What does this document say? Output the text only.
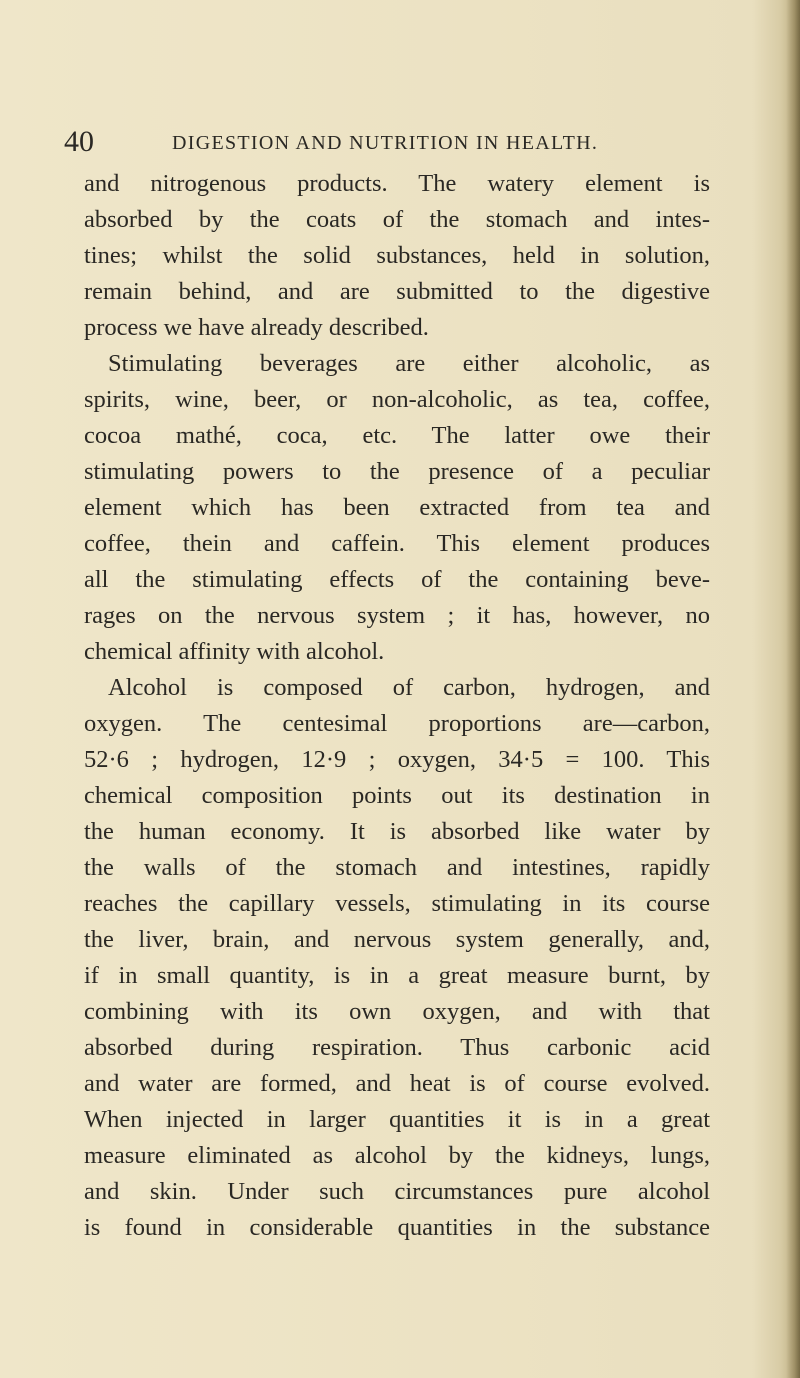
40	DIGESTION AND NUTRITION IN HEALTH.
and nitrogenous products. The watery element is
absorbed by the coats of the stomach and intes-
tines; whilst the solid substances, held in solution,
remain behind, and are submitted to the digestive
process we have already described.
Stimulating beverages are either alcoholic, as
spirits, wine, beer, or non-alcoholic, as tea, coffee,
cocoa mathé, coca, etc. The latter owe their
stimulating powers to the presence of a peculiar
element which has been extracted from tea and
coffee, thein and caffein. This element produces
all the stimulating effects of the containing beve-
rages on the nervous system ; it has, however, no
chemical affinity with alcohol.
Alcohol is composed of carbon, hydrogen, and
oxygen. The centesimal proportions are—carbon,
52·6 ; hydrogen, 12·9 ; oxygen, 34·5 = 100. This
chemical composition points out its destination in
the human economy. It is absorbed like water by
the walls of the stomach and intestines, rapidly
reaches the capillary vessels, stimulating in its course
the liver, brain, and nervous system generally, and,
if in small quantity, is in a great measure burnt, by
combining with its own oxygen, and with that
absorbed during respiration. Thus carbonic acid
and water are formed, and heat is of course evolved.
When injected in larger quantities it is in a great
measure eliminated as alcohol by the kidneys, lungs,
and skin. Under such circumstances pure alcohol
is found in considerable quantities in the substance
